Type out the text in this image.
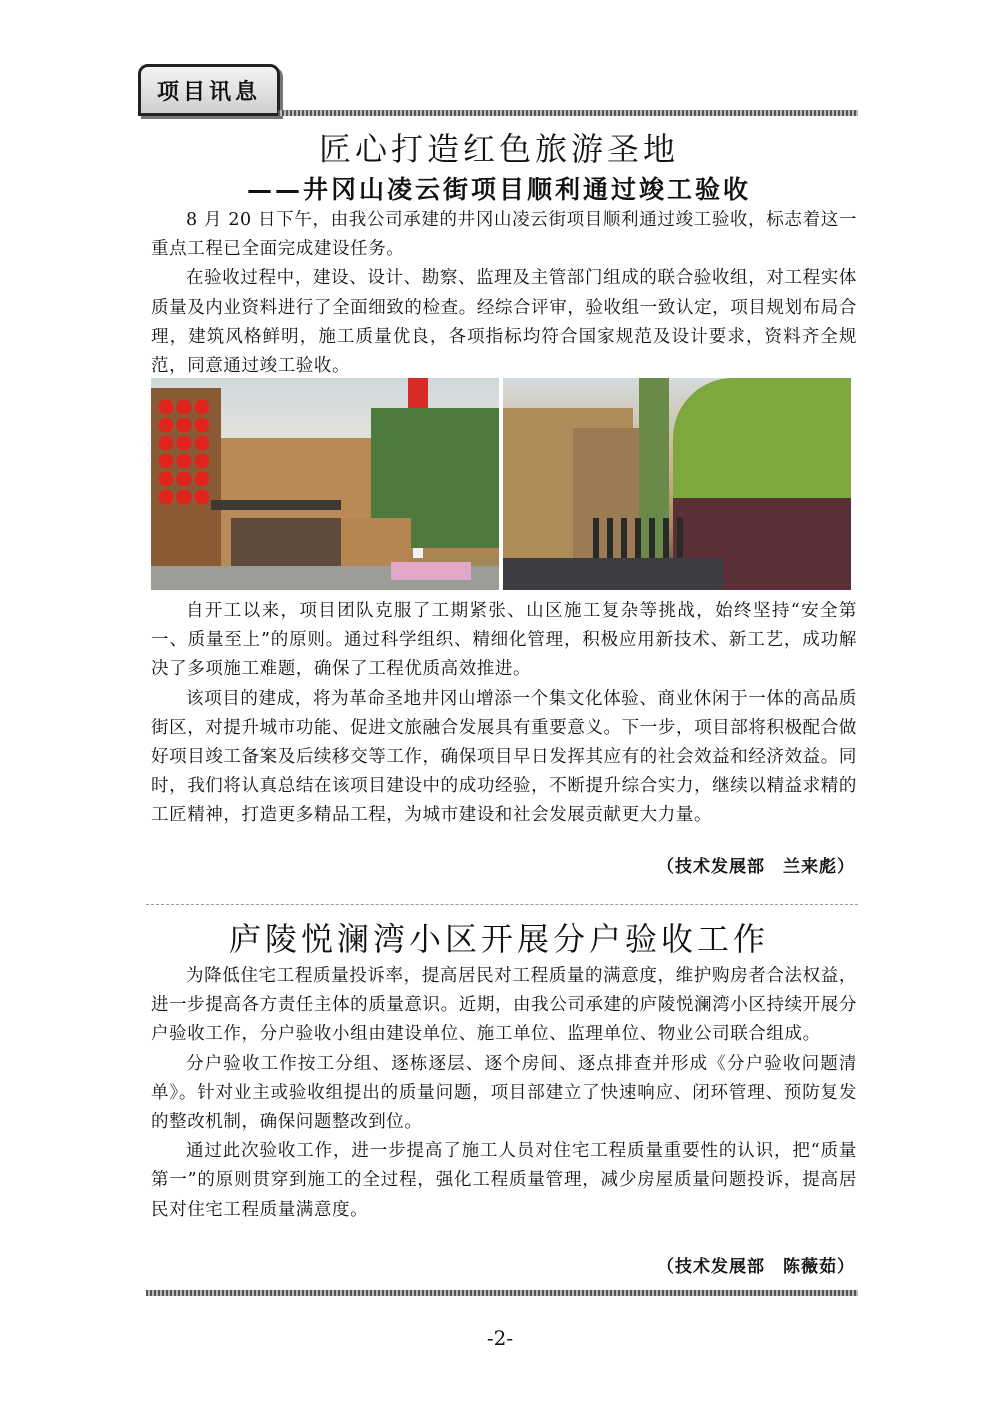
项目讯息
匠心打造红色旅游圣地
——井冈山凌云街项目顺利通过竣工验收

8 月 20 日下午，由我公司承建的井冈山凌云街项目顺利通过竣工验收，标志着这一重点工程已全面完成建设任务。

在验收过程中，建设、设计、勘察、监理及主管部门组成的联合验收组，对工程实体质量及内业资料进行了全面细致的检查。经综合评审，验收组一致认定，项目规划布局合理，建筑风格鲜明，施工质量优良，各项指标均符合国家规范及设计要求，资料齐全规范，同意通过竣工验收。

自开工以来，项目团队克服了工期紧张、山区施工复杂等挑战，始终坚持“安全第一、质量至上”的原则。通过科学组织、精细化管理，积极应用新技术、新工艺，成功解决了多项施工难题，确保了工程优质高效推进。

该项目的建成，将为革命圣地井冈山增添一个集文化体验、商业休闲于一体的高品质街区，对提升城市功能、促进文旅融合发展具有重要意义。下一步，项目部将积极配合做好项目竣工备案及后续移交等工作，确保项目早日发挥其应有的社会效益和经济效益。同时，我们将认真总结在该项目建设中的成功经验，不断提升综合实力，继续以精益求精的工匠精神，打造更多精品工程，为城市建设和社会发展贡献更大力量。

（技术发展部　兰来彪）
庐陵悦澜湾小区开展分户验收工作

为降低住宅工程质量投诉率，提高居民对工程质量的满意度，维护购房者合法权益，进一步提高各方责任主体的质量意识。近期，由我公司承建的庐陵悦澜湾小区持续开展分户验收工作，分户验收小组由建设单位、施工单位、监理单位、物业公司联合组成。

分户验收工作按工分组、逐栋逐层、逐个房间、逐点排查并形成《分户验收问题清单》。针对业主或验收组提出的质量问题，项目部建立了快速响应、闭环管理、预防复发的整改机制，确保问题整改到位。

通过此次验收工作，进一步提高了施工人员对住宅工程质量重要性的认识，把“质量第一”的原则贯穿到施工的全过程，强化工程质量管理，减少房屋质量问题投诉，提高居民对住宅工程质量满意度。

（技术发展部　陈薇茹）
-2-
